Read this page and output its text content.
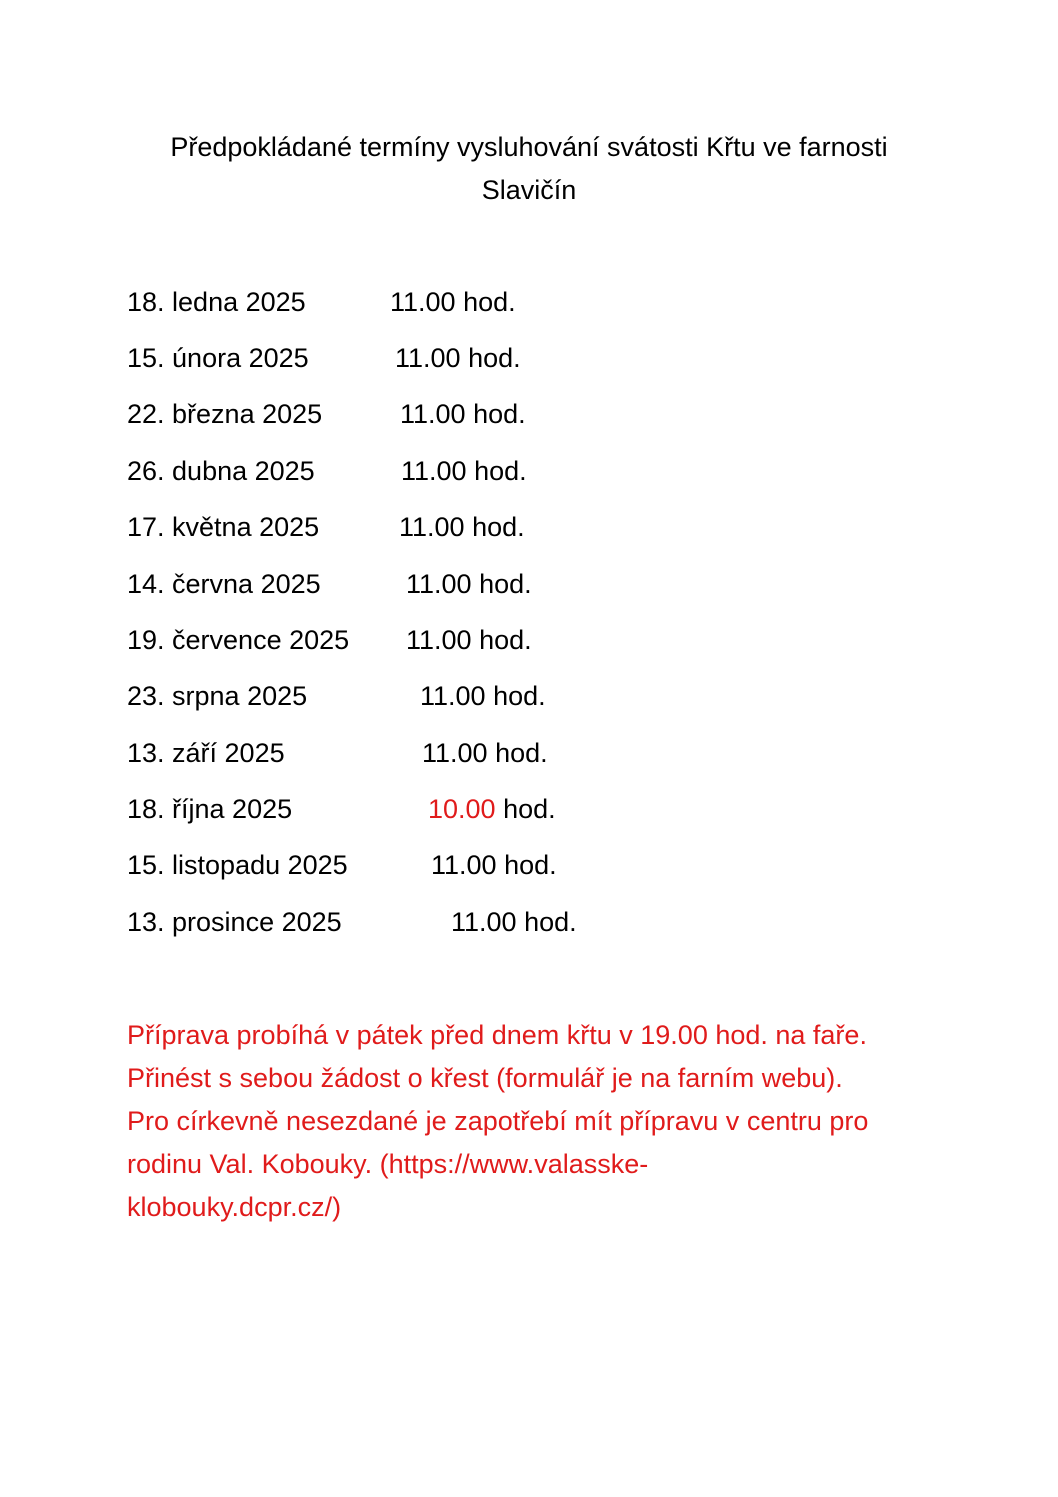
Předpokládané termíny vysluhování svátosti Křtu ve farnosti
Slavičín
18. ledna 2025	11.00 hod.
15. února 2025	11.00 hod.
22. března 2025	11.00 hod.
26. dubna 2025	11.00 hod.
17. května 2025	11.00 hod.
14. června 2025	11.00 hod.
19. července 2025 11.00 hod.
23. srpna 2025	11.00 hod.
13. září 2025	11.00 hod.
18. října 2025	10.00 hod.
15. listopadu 2025	11.00 hod.
13. prosince 2025	11.00 hod.
Příprava probíhá v pátek před dnem křtu v 19.00 hod. na faře.
Přinést s sebou žádost o křest (formulář je na farním webu).
Pro církevně nesezdané je zapotřebí mít přípravu v centru pro
rodinu Val. Kobouky. (https://www.valasske-
klobouky.dcpr.cz/)
